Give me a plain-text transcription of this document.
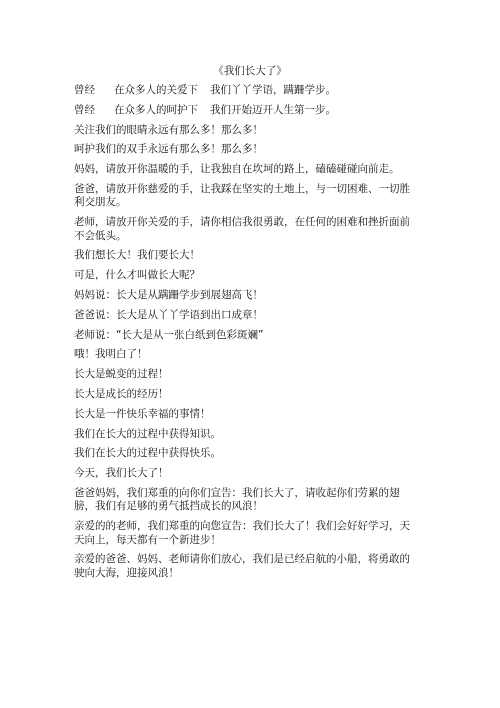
《我们长大了》
曾经	在众多人的关爱下	我们丫丫学语，蹒跚学步。
曾经	在众多人的呵护下	我们开始迈开人生第一步。

关注我们的眼睛永远有那么多！那么多！

呵护我们的双手永远有那么多！那么多！

妈妈，请放开你温暖的手，让我独自在坎坷的路上，磕磕碰碰向前走。

爸爸，请放开你慈爱的手，让我踩在坚实的土地上，与一切困难、一切胜利交朋友。

老师，请放开你关爱的手，请你相信我很勇敢，在任何的困难和挫折面前不会低头。

我们想长大！我们要长大！

可是，什么才叫做长大呢？

妈妈说：长大是从蹒跚学步到展翅高飞！

爸爸说：长大是从丫丫学语到出口成章！

老师说：“长大是从一张白纸到色彩斑斓”

哦！我明白了！

长大是蜕变的过程！

长大是成长的经历！

长大是一件快乐幸福的事情！

我们在长大的过程中获得知识。

我们在长大的过程中获得快乐。

今天，我们长大了！

爸爸妈妈，我们郑重的向你们宣告：我们长大了，请收起你们劳累的翅膀，我们有足够的勇气抵挡成长的风浪！

亲爱的的老师，我们郑重的向您宣告：我们长大了！我们会好好学习，天天向上，每天都有一个新进步！

亲爱的爸爸、妈妈、老师请你们放心，我们是已经启航的小船，将勇敢的驶向大海，迎接风浪！
